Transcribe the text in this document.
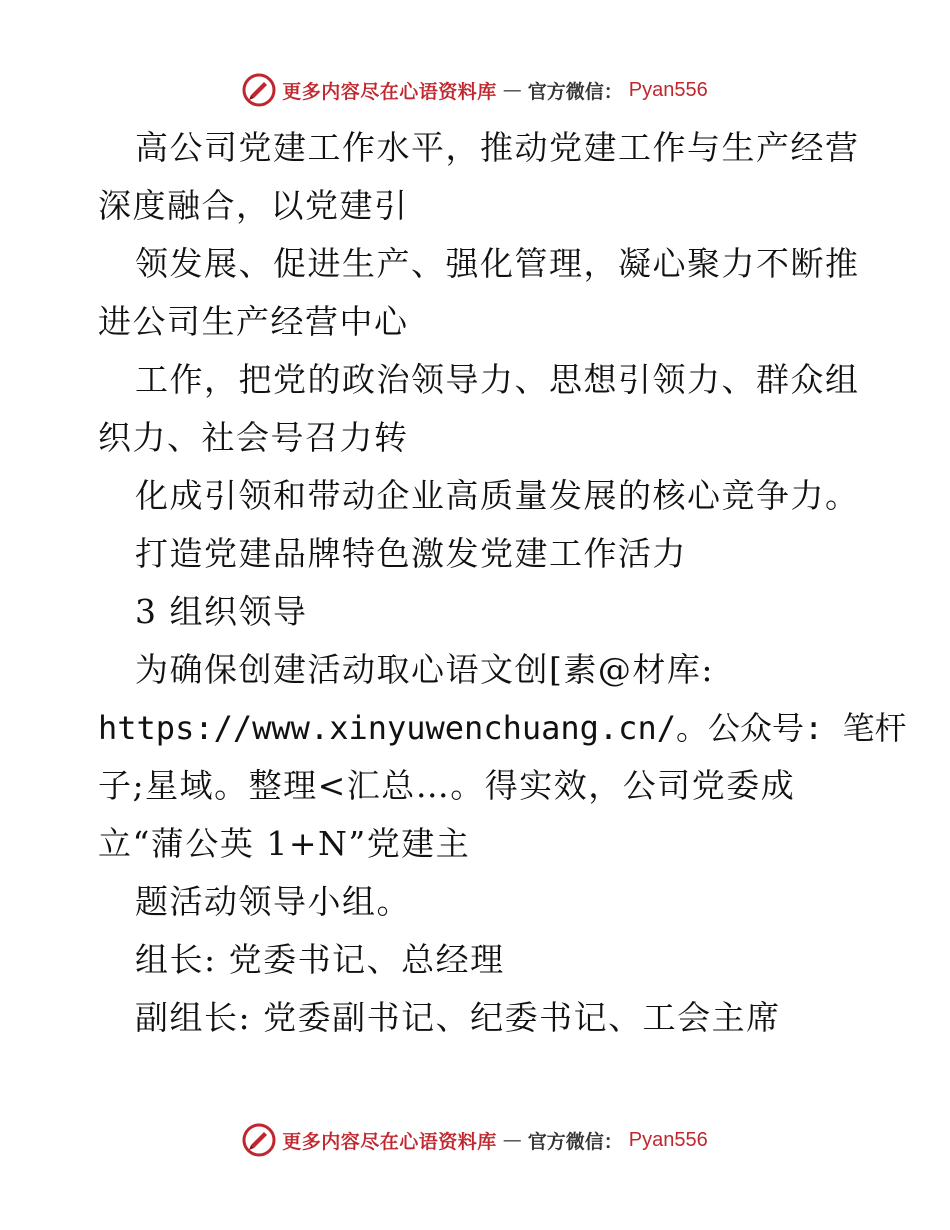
更多内容尽在心语资料库 — 官方微信： Pyan556
高公司党建工作水平，推动党建工作与生产经营
深度融合，以党建引
领发展、促进生产、强化管理，凝心聚力不断推
进公司生产经营中心
工作，把党的政治领导力、思想引领力、群众组
织力、社会号召力转
化成引领和带动企业高质量发展的核心竞争力。
打造党建品牌特色激发党建工作活力
3 组织领导
为确保创建活动取心语文创[素@材库:
https://www.xinyuwenchuang.cn/。公众号: 笔杆
子;星域。整理<汇总…。得实效，公司党委成
立“蒲公英 1+N”党建主
题活动领导小组。
组长: 党委书记、总经理
副组长: 党委副书记、纪委书记、工会主席
更多内容尽在心语资料库 — 官方微信： Pyan556
